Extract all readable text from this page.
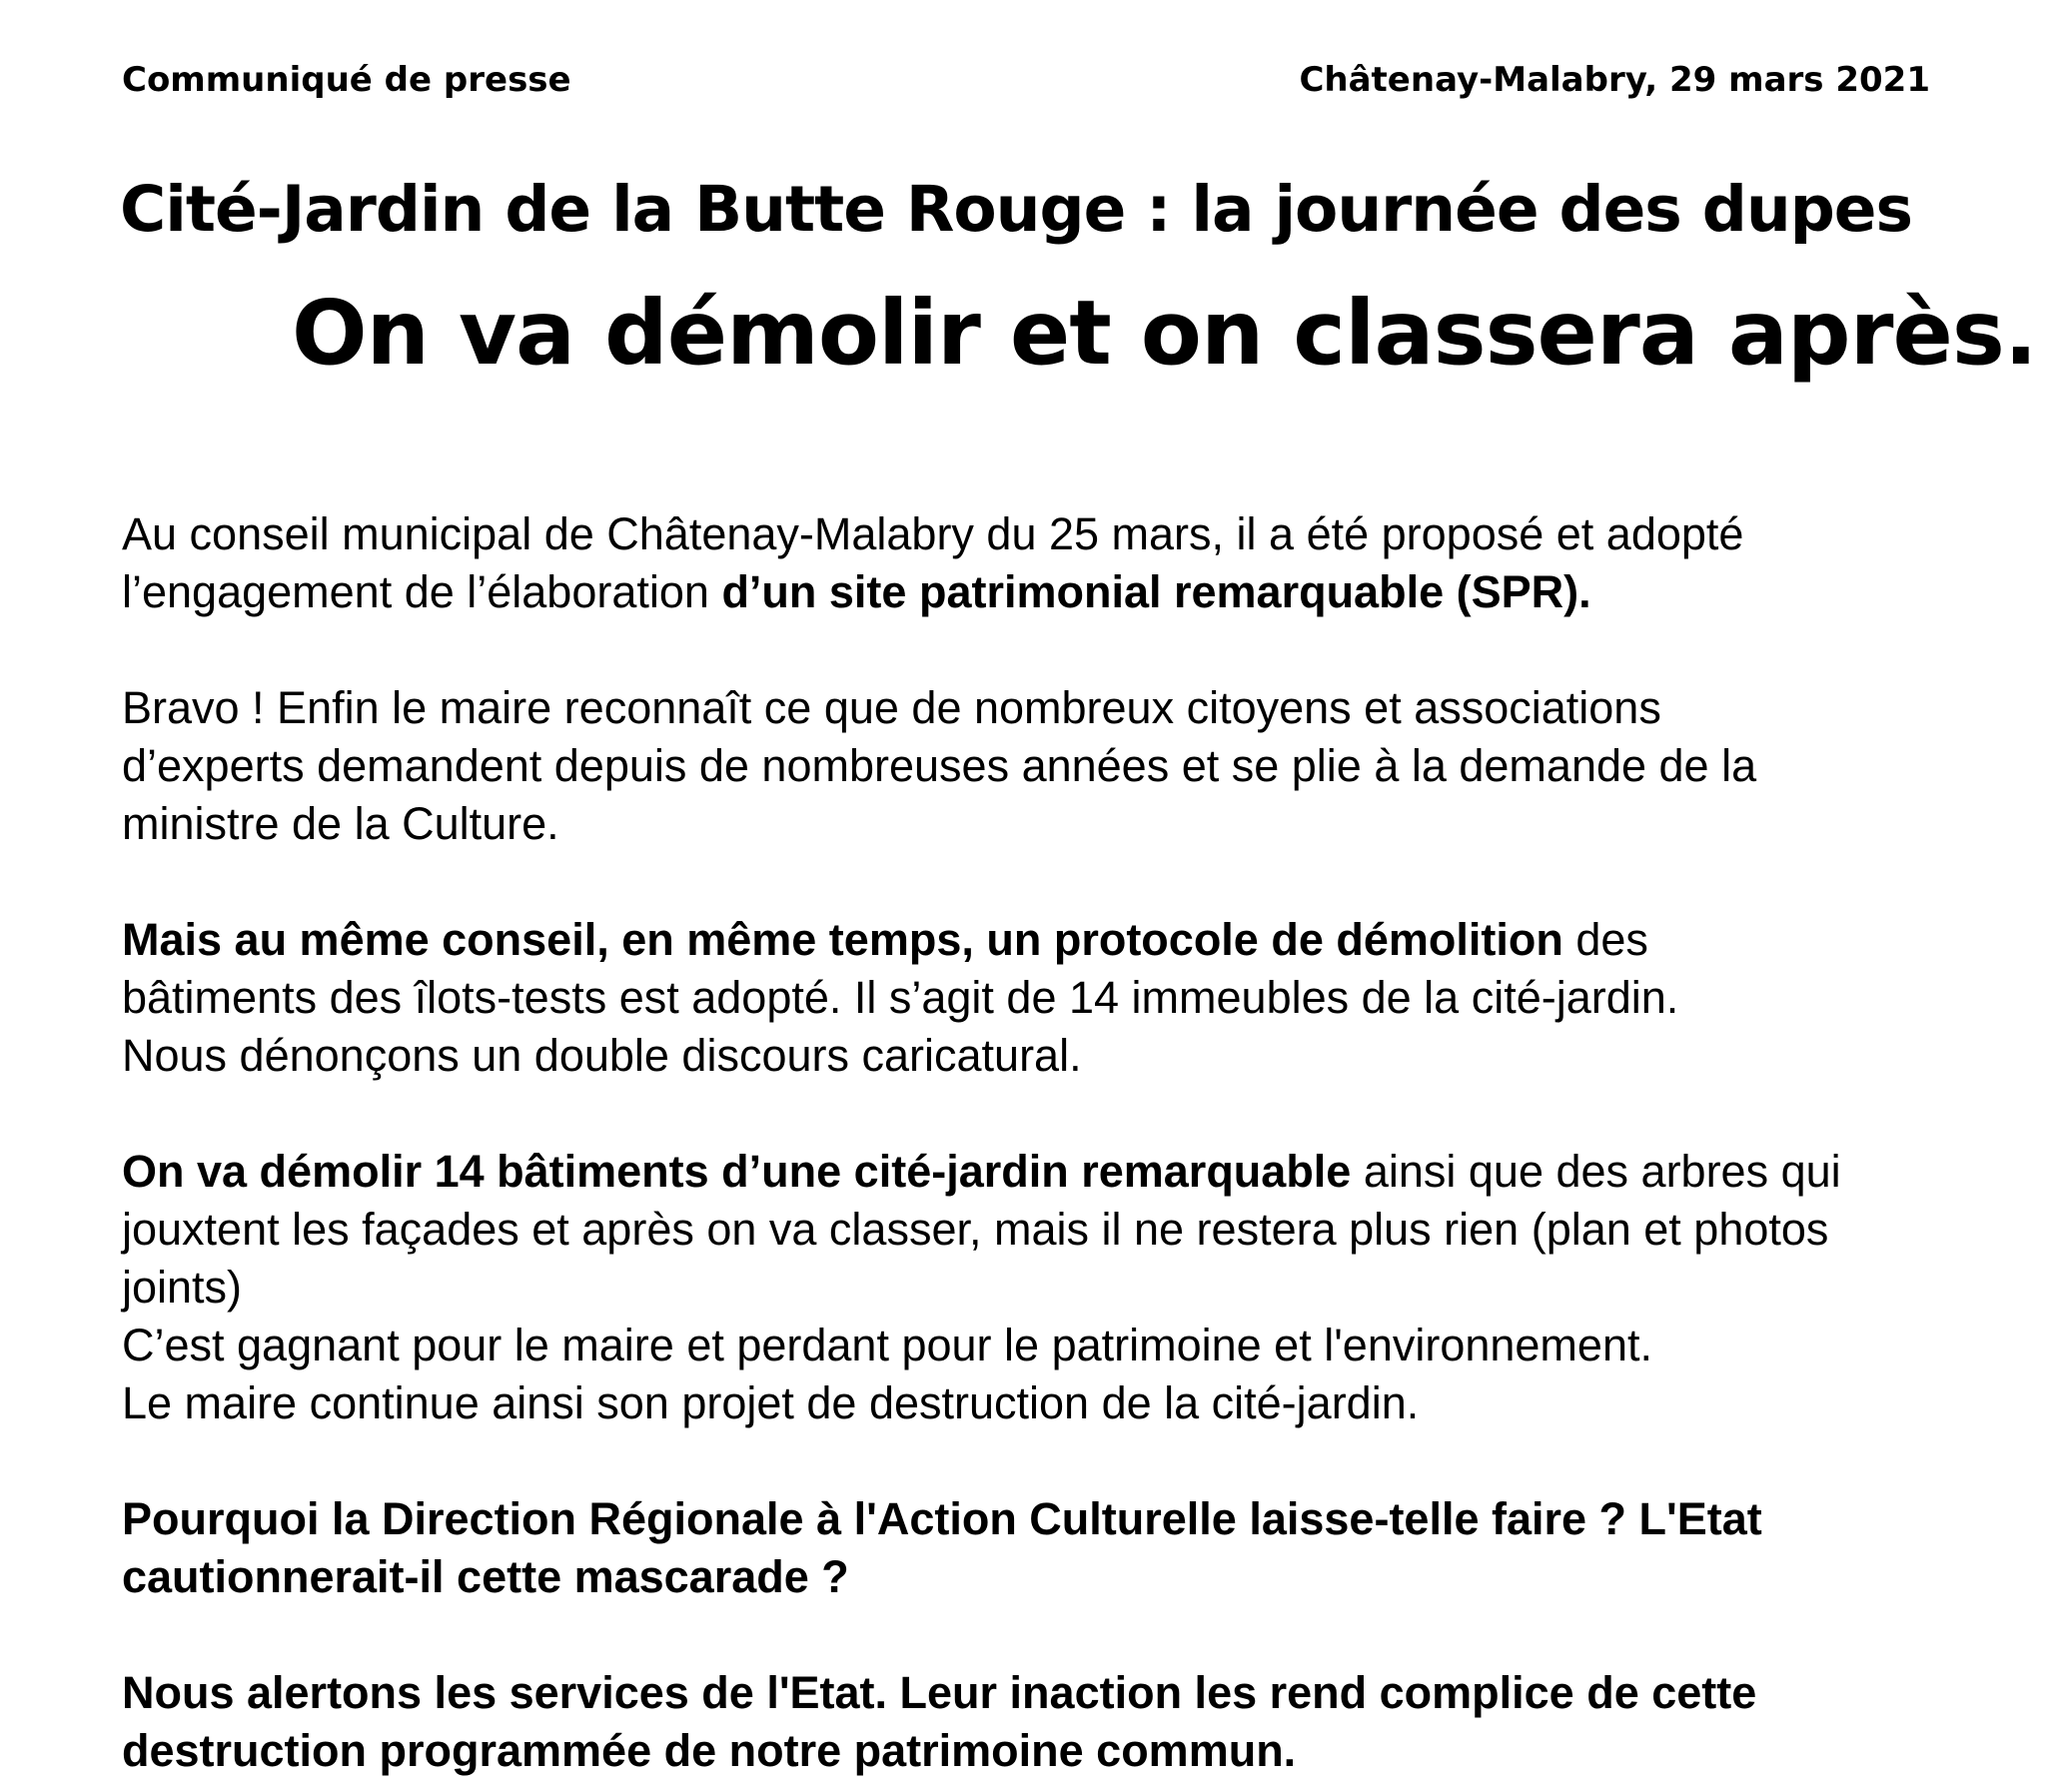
Communiqué de presse	Châtenay-Malabry, 29 mars 2021
Cité-Jardin de la Butte Rouge : la journée des dupes
On va démolir et on classera après.

Au conseil municipal de Châtenay-Malabry du 25 mars, il a été proposé et adopté
l’engagement de l’élaboration d’un site patrimonial remarquable (SPR).

Bravo ! Enfin le maire reconnaît ce que de nombreux citoyens et associations
d’experts demandent depuis de nombreuses années et se plie à la demande de la
ministre de la Culture.

Mais au même conseil, en même temps, un protocole de démolition des
bâtiments des îlots-tests est adopté. Il s’agit de 14 immeubles de la cité-jardin.
Nous dénonçons un double discours caricatural.

On va démolir 14 bâtiments d’une cité-jardin remarquable ainsi que des arbres qui
jouxtent les façades et après on va classer, mais il ne restera plus rien (plan et photos
joints)
C’est gagnant pour le maire et perdant pour le patrimoine et l'environnement.
Le maire continue ainsi son projet de destruction de la cité-jardin.

Pourquoi la Direction Régionale à l'Action Culturelle laisse-telle faire ? L'Etat
cautionnerait-il cette mascarade ?

Nous alertons les services de l'Etat. Leur inaction les rend complice de cette
destruction programmée de notre patrimoine commun.
